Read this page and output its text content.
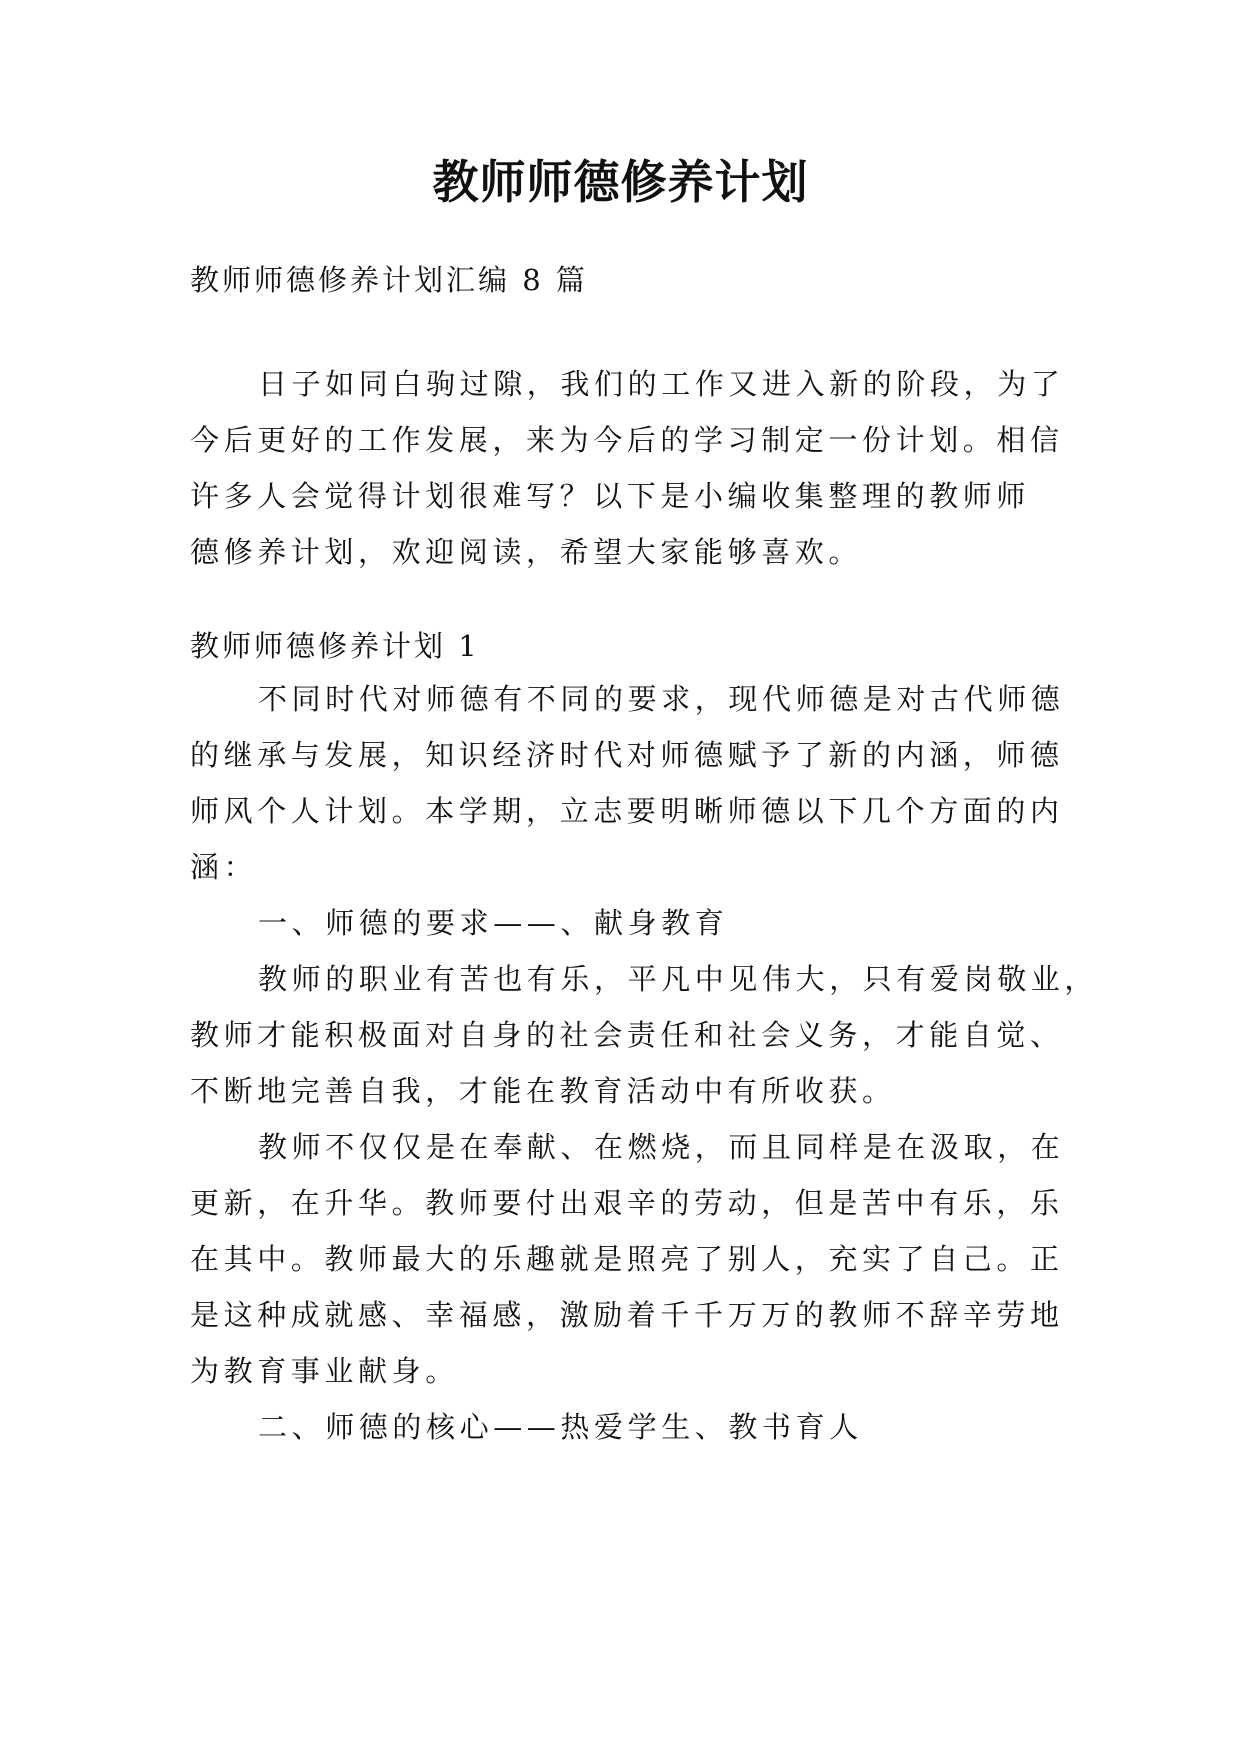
教师师德修养计划
教师师德修养计划汇编 8 篇
日子如同白驹过隙，我们的工作又进入新的阶段，为了
今后更好的工作发展，来为今后的学习制定一份计划。相信
许多人会觉得计划很难写？以下是小编收集整理的教师师
德修养计划，欢迎阅读，希望大家能够喜欢。
教师师德修养计划 1
不同时代对师德有不同的要求，现代师德是对古代师德
的继承与发展，知识经济时代对师德赋予了新的内涵，师德
师风个人计划。本学期，立志要明晰师德以下几个方面的内
涵：
一、师德的要求——、献身教育
教师的职业有苦也有乐，平凡中见伟大，只有爱岗敬业，
教师才能积极面对自身的社会责任和社会义务，才能自觉、
不断地完善自我，才能在教育活动中有所收获。
教师不仅仅是在奉献、在燃烧，而且同样是在汲取，在
更新，在升华。教师要付出艰辛的劳动，但是苦中有乐，乐
在其中。教师最大的乐趣就是照亮了别人，充实了自己。正
是这种成就感、幸福感，激励着千千万万的教师不辞辛劳地
为教育事业献身。
二、师德的核心——热爱学生、教书育人
